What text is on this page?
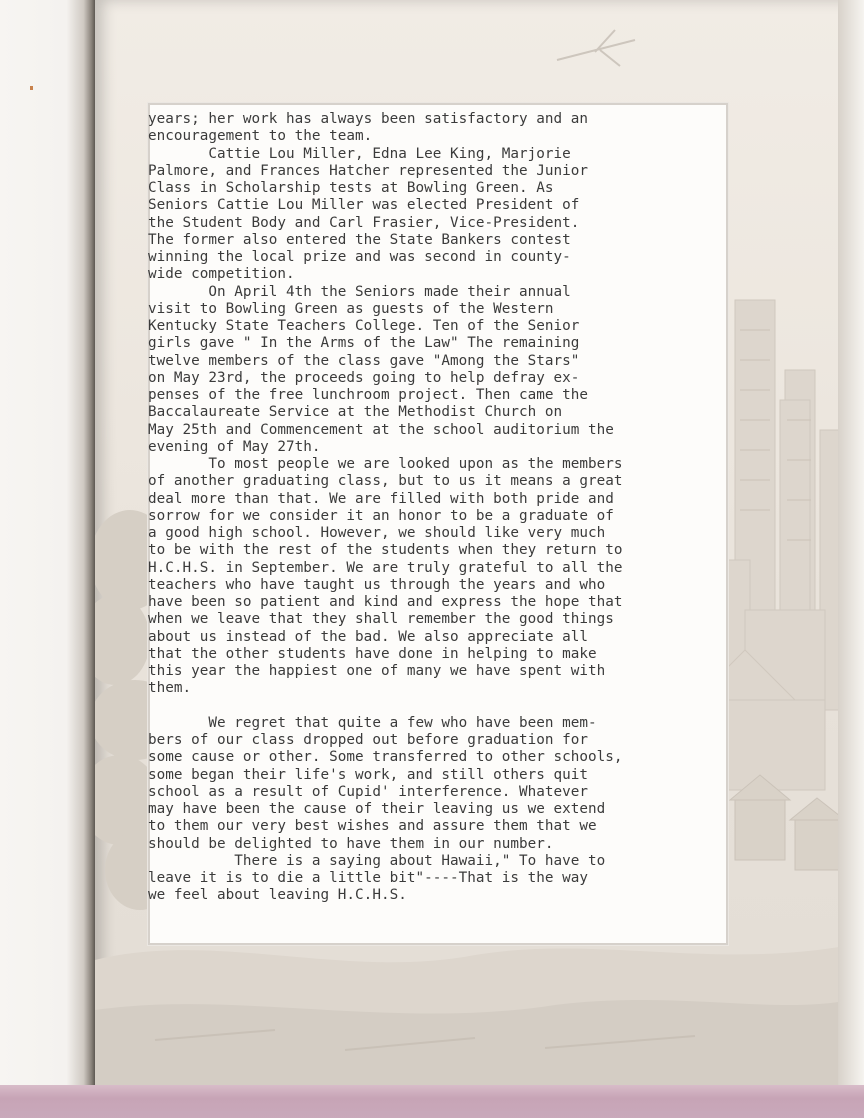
years; her work has always been satisfactory and an
encouragement to the team.
Cattie Lou Miller, Edna Lee King, Marjorie
Palmore, and Frances Hatcher represented the Junior
Class in Scholarship tests at Bowling Green. As
Seniors Cattie Lou Miller was elected President of
the Student Body and Carl Frasier, Vice-President.
The former also entered the State Bankers contest
winning the local prize and was second in county-
wide competition.
On April 4th the Seniors made their annual
visit to Bowling Green as guests of the Western
Kentucky State Teachers College. Ten of the Senior
girls gave " In the Arms of the Law" The remaining
twelve members of the class gave "Among the Stars"
on May 23rd, the proceeds going to help defray ex-
penses of the free lunchroom project. Then came the
Baccalaureate Service at the Methodist Church on
May 25th and Commencement at the school auditorium the
evening of May 27th.
To most people we are looked upon as the members
of another graduating class, but to us it means a great
deal more than that. We are filled with both pride and
sorrow for we consider it an honor to be a graduate of
a good high school. However, we should like very much
to be with the rest of the students when they return to
H.C.H.S. in September. We are truly grateful to all the
teachers who have taught us through the years and who
have been so patient and kind and express the hope that
when we leave that they shall remember the good things
about us instead of the bad. We also appreciate all
that the other students have done in helping to make
this year the happiest one of many we have spent with
them.
We regret that quite a few who have been mem-
bers of our class dropped out before graduation for
some cause or other. Some transferred to other schools,
some began their life's work, and still others quit
school as a result of Cupid' interference. Whatever
may have been the cause of their leaving us we extend
to them our very best wishes and assure them that we
should be delighted to have them in our number.
There is a saying about Hawaii," To have to
leave it is to die a little bit"----That is the way
we feel about leaving H.C.H.S.
